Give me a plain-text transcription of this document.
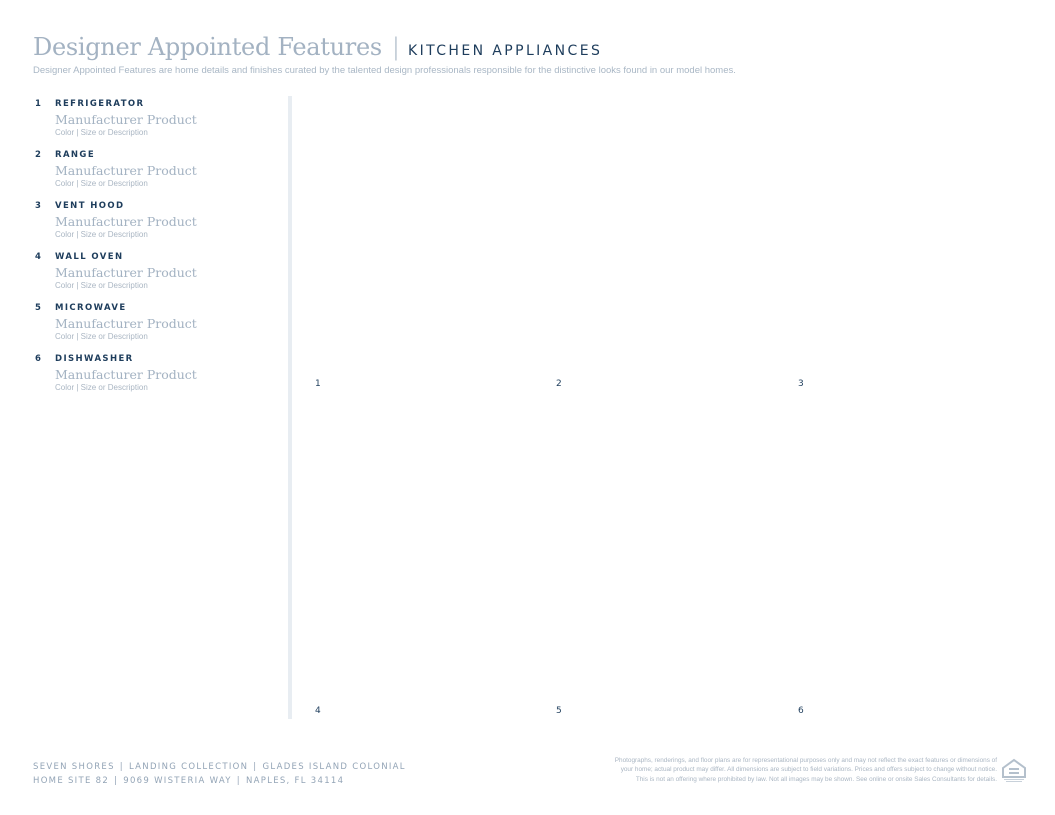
Designer Appointed Features | KITCHEN APPLIANCES
Designer Appointed Features are home details and finishes curated by the talented design professionals responsible for the distinctive looks found in our model homes.
1	REFRIGERATOR
Manufacturer Product
Color | Size or Description
2	RANGE
Manufacturer Product
Color | Size or Description
3	VENT HOOD
Manufacturer Product
Color | Size or Description
4	WALL OVEN
Manufacturer Product
Color | Size or Description
5	MICROWAVE
Manufacturer Product
Color | Size or Description
6	DISHWASHER
Manufacturer Product
Color | Size or Description	1	2	3
4	5	6
SEVEN SHORES | LANDING COLLECTION | GLADES ISLAND COLONIAL
HOME SITE 82 | 9069 WISTERIA WAY | NAPLES, FL 34114
Photographs, renderings, and floor plans are for representational purposes only and may not reflect the exact features or dimensions of
your home; actual product may differ. All dimensions are subject to field variations. Prices and offers subject to change without notice.
This is not an offering where prohibited by law. Not all images may be shown. See online or onsite Sales Consultants for details.
